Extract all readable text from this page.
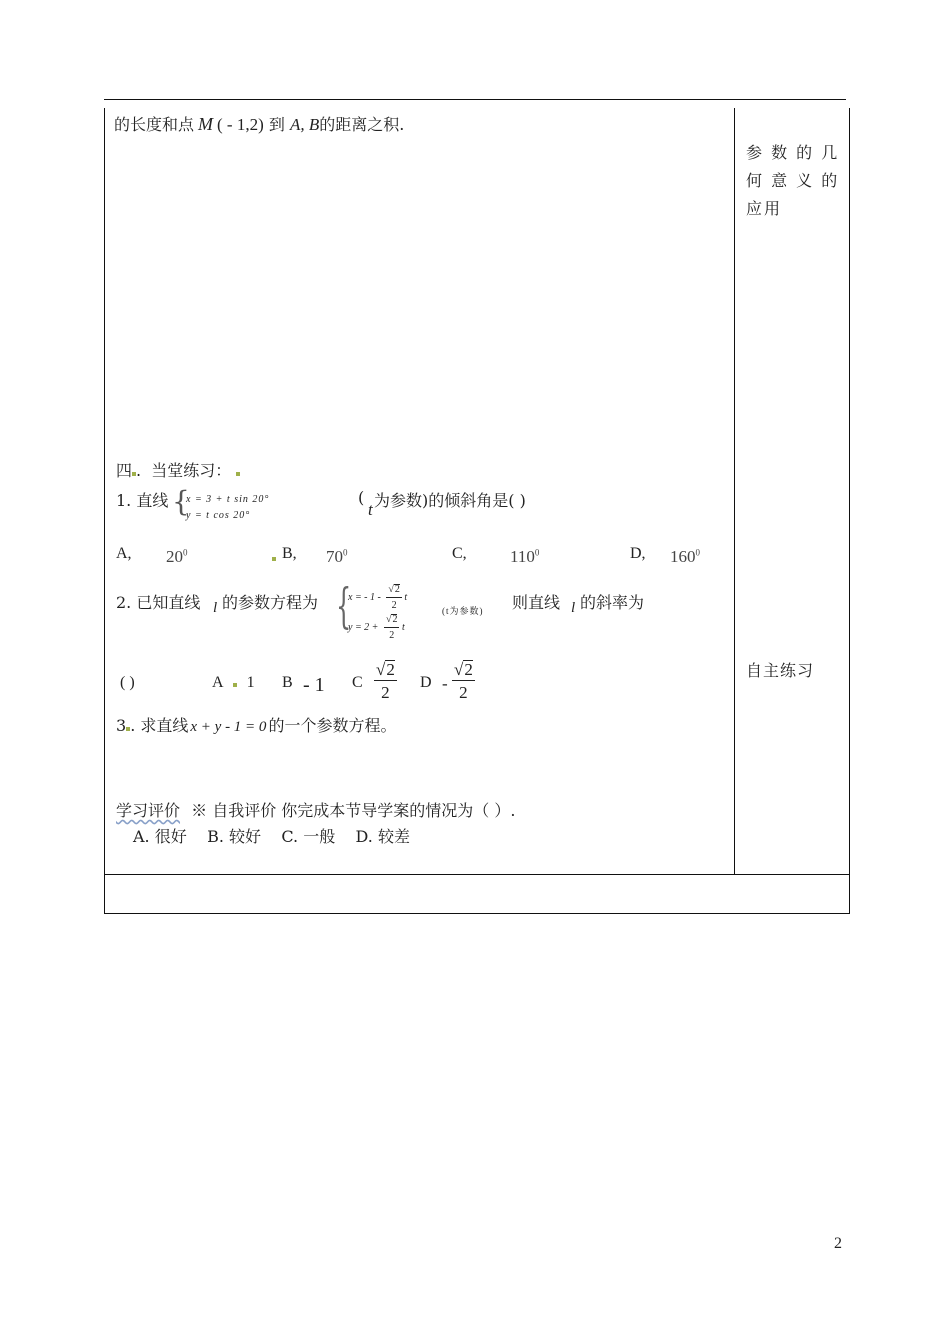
的长度和点 M ( - 1,2) 到 A, B的距离之积.
参 数 的 几
何 意 义 的
应用
自主练习
四 .  当堂练习：
1. 直线 {
x = 3 + t sin 20°
y = t cos 20°
(
t 为参数)的倾斜角是( )
A, $20^0$	B, $70^0$	C,	$110^0$	D, $160^0$
2. 已知直线 l 的参数方程为 {
x = - $1 - \frac{√2}{2}$ t
(t为参数)
$y = 2 + \frac{√2}{2}$ t
则直线 l 的斜率为
( )	A 1 B - 1 C $\frac{√2}{2}$ D - $\frac{√2}{2}$
3 . 求直线 x + y - 1 = 0 的一个参数方程。
学习评价 ※ 自我评价 你完成本节导学案的情况为（ ）.
A. 很好    B. 较好    C. 一般    D. 较差
2
